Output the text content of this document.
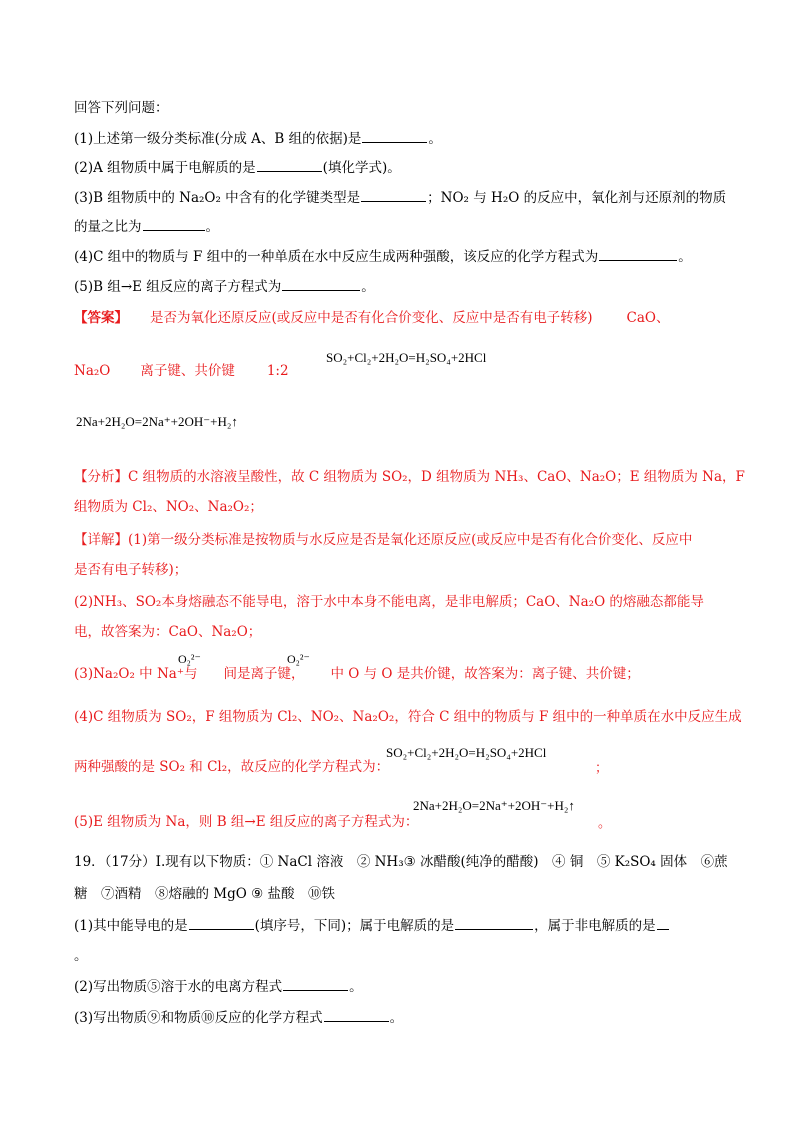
回答下列问题：
(1)上述第一级分类标准(分成 A、B 组的依据)是	。
(2)A 组物质中属于电解质的是	(填化学式)。
(3)B 组物质中的 Na₂O₂ 中含有的化学键类型是	；NO₂ 与 H₂O 的反应中，氧化剂与还原剂的物质
的量之比为	。
(4)C 组中的物质与 F 组中的一种单质在水中反应生成两种强酸，该反应的化学方程式为	。
(5)B 组→E 组反应的离子方程式为	。
【答案】 是否为氧化还原反应(或反应中是否有化合价变化、反应中是否有电子转移)	CaO、
Na₂O 离子键、共价键 1:2
SO₂+Cl₂+2H₂O=H₂SO₄+2HCl
2Na+2H₂O=2Na⁺+2OH⁻+H₂↑
【分析】C 组物质的水溶液呈酸性，故 C 组物质为 SO₂，D 组物质为 NH₃、CaO、Na₂O；E 组物质为 Na，F
组物质为 Cl₂、NO₂、Na₂O₂；
【详解】(1)第一级分类标准是按物质与水反应是否是氧化还原反应(或反应中是否有化合价变化、反应中
是否有电子转移)；
(2)NH₃、SO₂本身熔融态不能导电，溶于水中本身不能电离，是非电解质；CaO、Na₂O 的熔融态都能导
电，故答案为：CaO、Na₂O；
(3)Na₂O₂ 中 Na⁺与 间是离子键， 中 O 与 O 是共价键，故答案为：离子键、共价键；
O₂²⁻	O₂²⁻
(4)C 组物质为 SO₂，F 组物质为 Cl₂、NO₂、Na₂O₂，符合 C 组中的物质与 F 组中的一种单质在水中反应生成
两种强酸的是 SO₂ 和 Cl₂，故反应的化学方程式为：
SO₂+Cl₂+2H₂O=H₂SO₄+2HCl
；
(5)E 组物质为 Na，则 B 组→E 组反应的离子方程式为：
2Na+2H₂O=2Na⁺+2OH⁻+H₂↑
。
19．（17分）Ⅰ.现有以下物质：① NaCl 溶液　② NH₃③ 冰醋酸(纯净的醋酸)　④ 铜　⑤ K₂SO₄ 固体　⑥蔗
糖　⑦酒精　⑧熔融的 MgO ⑨ 盐酸　⑩铁
(1)其中能导电的是	(填序号，下同)；属于电解质的是	，属于非电解质的是
。
(2)写出物质⑤溶于水的电离方程式	。
(3)写出物质⑨和物质⑩反应的化学方程式	。
